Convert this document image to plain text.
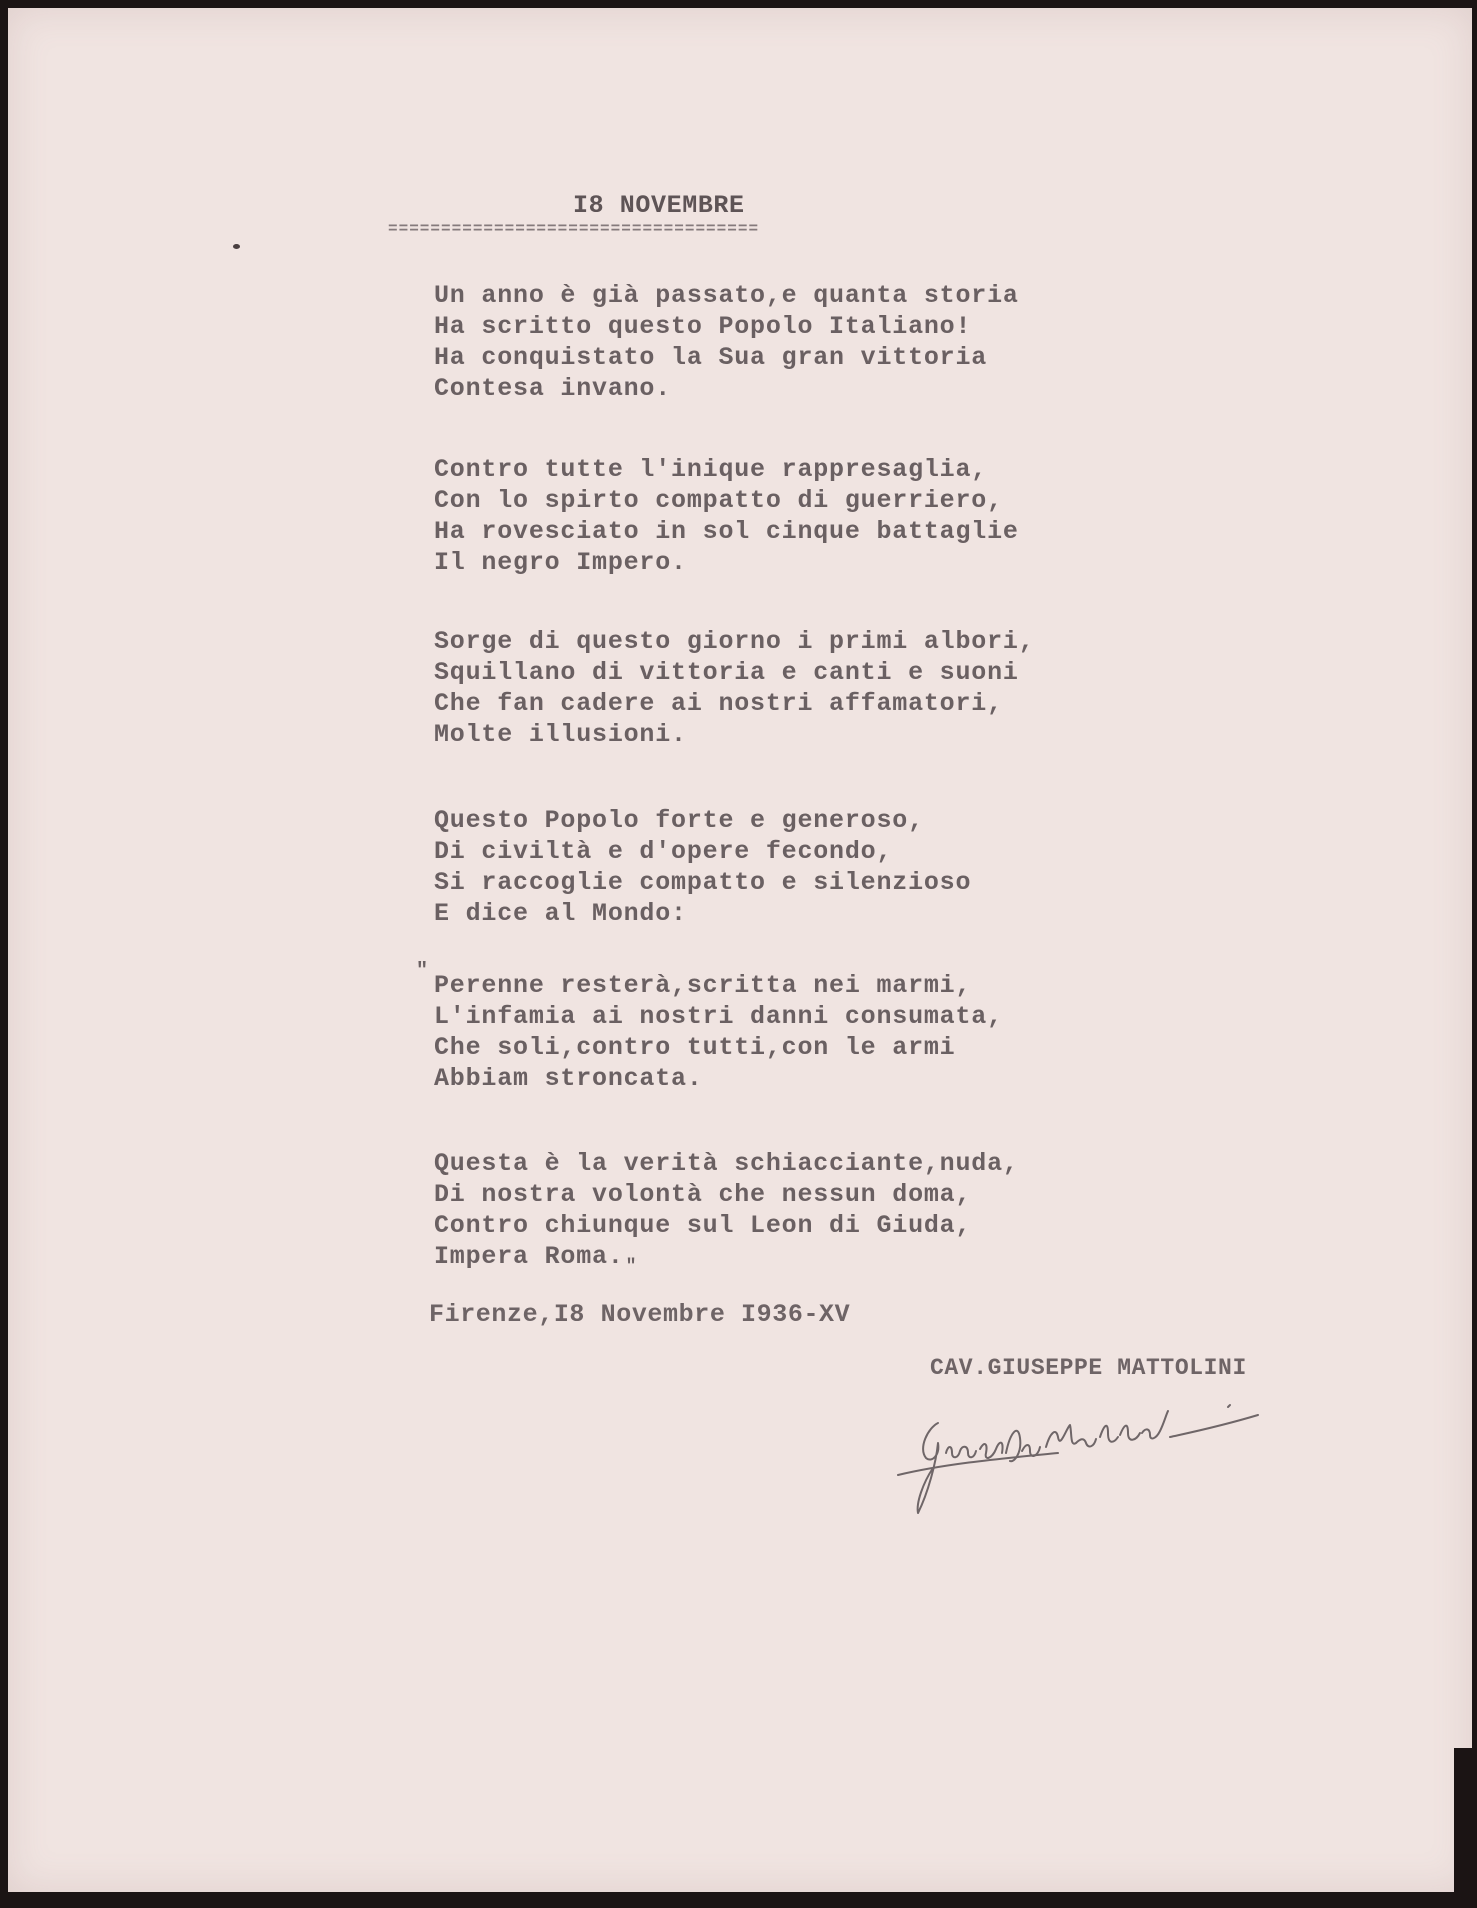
I8 NOVEMBRE
===================================
Un anno è già passato,e quanta storia
Ha scritto questo Popolo Italiano!
Ha conquistato la Sua gran vittoria
Contesa invano.
Contro tutte l'inique rappresaglia,
Con lo spirto compatto di guerriero,
Ha rovesciato in sol cinque battaglie
Il negro Impero.
Sorge di questo giorno i primi albori,
Squillano di vittoria e canti e suoni
Che fan cadere ai nostri affamatori,
Molte illusioni.
Questo Popolo forte e generoso,
Di civiltà e d'opere fecondo,
Si raccoglie compatto e silenzioso
E dice al Mondo:
" Perenne resterà,scritta nei marmi,
L'infamia ai nostri danni consumata,
Che soli,contro tutti,con le armi
Abbiam stroncata.
Questa è la verità schiacciante,nuda,
Di nostra volontà che nessun doma,
Contro chiunque sul Leon di Giuda,
Impera Roma. $_"$
Firenze,I8 Novembre I936-XV
CAV.GIUSEPPE MATTOLINI
